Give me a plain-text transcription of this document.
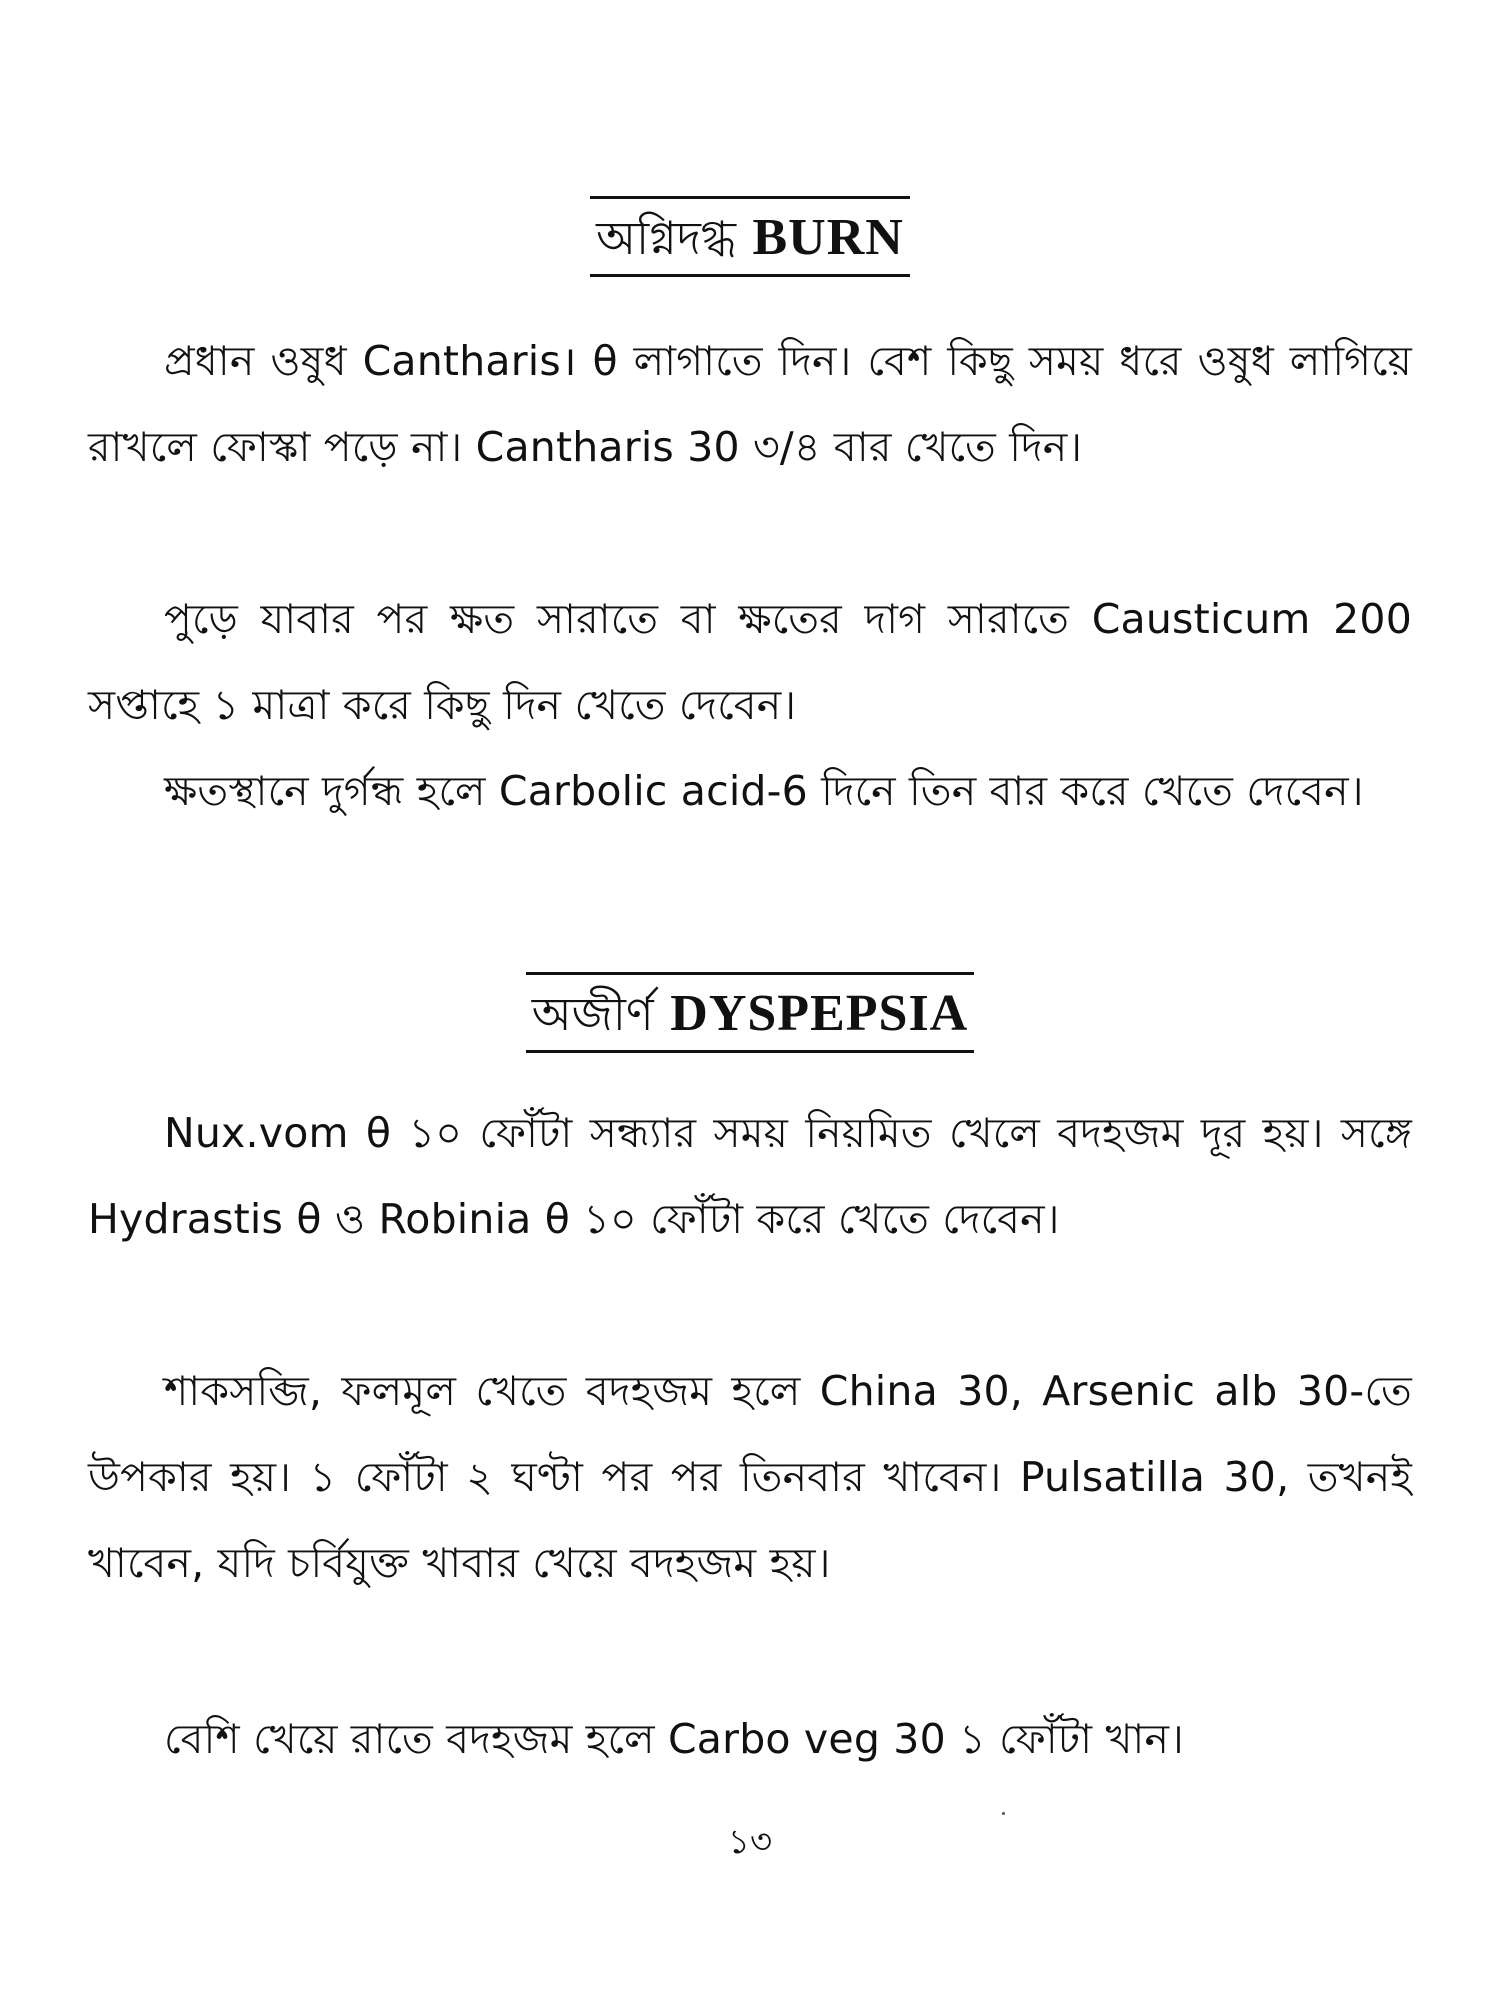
অগ্নিদগ্ধ BURN

প্রধান ওষুধ Cantharis। θ লাগাতে দিন। বেশ কিছু সময় ধরে ওষুধ লাগিয়ে রাখলে ফোস্কা পড়ে না। Cantharis 30 ৩/৪ বার খেতে দিন।

পুড়ে যাবার পর ক্ষত সারাতে বা ক্ষতের দাগ সারাতে Causticum 200 সপ্তাহে ১ মাত্রা করে কিছু দিন খেতে দেবেন।

ক্ষতস্থানে দুর্গন্ধ হলে Carbolic acid-6 দিনে তিন বার করে খেতে দেবেন।

অজীর্ণ DYSPEPSIA

Nux.vom θ ১০ ফোঁটা সন্ধ্যার সময় নিয়মিত খেলে বদহজম দূর হয়। সঙ্গে Hydrastis θ ও Robinia θ ১০ ফোঁটা করে খেতে দেবেন।

শাকসব্জি, ফলমূল খেতে বদহজম হলে China 30, Arsenic alb 30-তে উপকার হয়। ১ ফোঁটা ২ ঘণ্টা পর পর তিনবার খাবেন। Pulsatilla 30, তখনই খাবেন, যদি চর্বিযুক্ত খাবার খেয়ে বদহজম হয়।

বেশি খেয়ে রাতে বদহজম হলে Carbo veg 30 ১ ফোঁটা খান।

১৩
